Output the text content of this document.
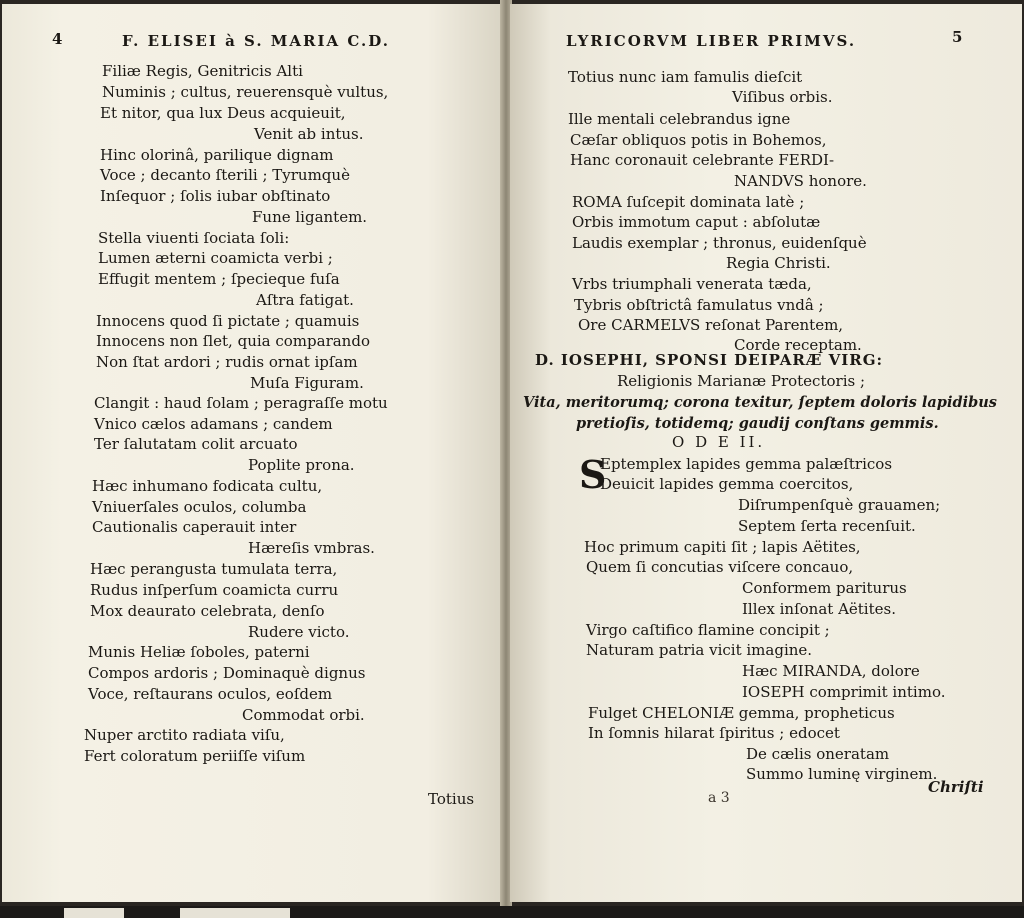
4	F. ELISEI à S. MARIA C.D.
Filiæ Regis, Genitricis Alti
Numinis ; cultus, reuerensquè vultus,
Et nitor, qua lux Deus acquieuit,
Venit ab intus.
Hinc olorinâ, parilique dignam
Voce ; decanto ſterili ; Tyrumquè
Inſequor ; ſolis iubar obſtinato
Fune ligantem.
Stella viuenti ſociata ſoli:
Lumen æterni coamicta verbi ;
Effugit mentem ; ſpecieque fuſa
Aſtra fatigat.
Innocens quod ſi pictate ; quamuis
Innocens non ſlet, quia comparando
Non ſtat ardori ; rudis ornat ipſam
Muſa Figuram.
Clangit : haud ſolam ; peragraſſe motu
Vnico cælos adamans ; candem
Ter ſalutatam colit arcuato
Poplite prona.
Hæc inhumano fodicata cultu,
Vniuerſales oculos, columba
Cautionalis caperauit inter
Hæreſis vmbras.
Hæc perangusta tumulata terra,
Rudus inſperſum coamicta curru
Mox deaurato celebrata, denſo
Rudere victo.
Munis Heliæ ſoboles, paterni
Compos ardoris ; Dominaquè dignus
Voce, reſtaurans oculos, eoſdem
Commodat orbi.
Nuper arctito radiata viſu,
Fert coloratum periiſſe viſum
Totius
LYRICORVM LIBER PRIMVS.	5
Totius nunc iam famulis dieſcit
Viſibus orbis.
Ille mentali celebrandus igne
Cæſar obliquos potis in Bohemos,
Hanc coronauit celebrante FERDI-
NANDVS honore.
ROMA ſuſcepit dominata latè ;
Orbis immotum caput : abſolutæ
Laudis exemplar ; thronus, euidenſquè
Regia Christi.
Vrbs triumphali venerata tæda,
Tybris obſtrictâ famulatus vndâ ;
Ore CARMELVS reſonat Parentem,
Corde receptam.
D. IOSEPHI, SPONSI DEIPARÆ VIRG:
Religionis Marianæ Protectoris ;
Vita, meritorumq; corona texitur, ſeptem doloris lapidibus
pretioſis, totidemq; gaudij conſtans gemmis.
O D E II.
S
Eptemplex lapides gemma palæſtricos
Deuicit lapides gemma coercitos,
Diſrumpenſquè grauamen;
Septem ſerta recenſuit.
Hoc primum capiti ſit ; lapis Aëtites,
Quem ſi concutias viſcere concauo,
Conformem pariturus
Illex inſonat Aëtites.
Virgo caſtifico flamine concipit ;
Naturam patria vicit imagine.
Hæc MIRANDA, dolore
IOSEPH comprimit intimo.
Fulget CHELONIÆ gemma, propheticus
In ſomnis hilarat ſpiritus ; edocet
De cælis oneratam
Summo luminę virginem.
a 3
Chriſti
